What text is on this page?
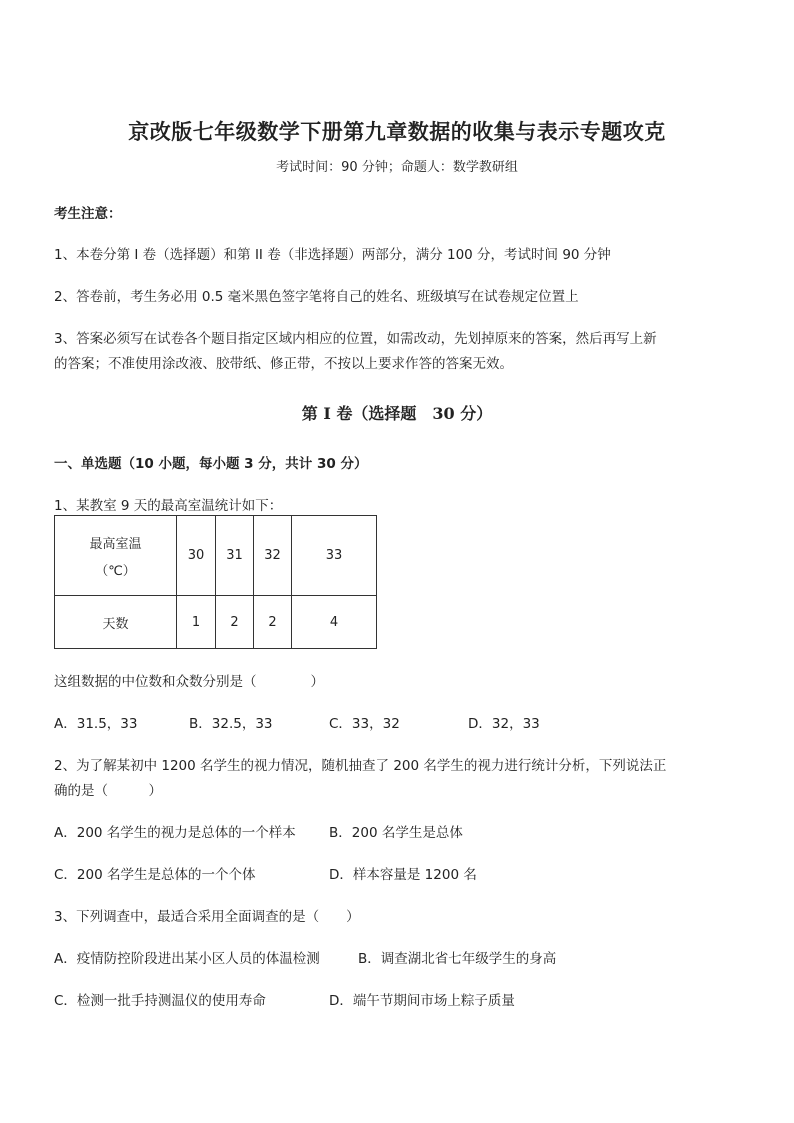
京改版七年级数学下册第九章数据的收集与表示专题攻克
考试时间：90 分钟；命题人：数学教研组
考生注意：
1、本卷分第 I 卷（选择题）和第 II 卷（非选择题）两部分，满分 100 分，考试时间 90 分钟
2、答卷前，考生务必用 0.5 毫米黑色签字笔将自己的姓名、班级填写在试卷规定位置上
3、答案必须写在试卷各个题目指定区域内相应的位置，如需改动，先划掉原来的答案，然后再写上新
的答案；不准使用涂改液、胶带纸、修正带，不按以上要求作答的答案无效。
第 I 卷（选择题　30 分）
一、单选题（10 小题，每小题 3 分，共计 30 分）
1、某教室 9 天的最高室温统计如下：
最高室温
（℃）	30	31	32	33
天数	1	2	2	4
这组数据的中位数和众数分别是（　　　　）
A．31.5，33	B．32.5，33	C．33，32	D．32，33
2、为了解某初中 1200 名学生的视力情况，随机抽查了 200 名学生的视力进行统计分析，下列说法正
确的是（　　　）
A．200 名学生的视力是总体的一个样本 B．200 名学生是总体
C．200 名学生是总体的一个个体	D．样本容量是 1200 名
3、下列调查中，最适合采用全面调查的是（　　）
A．疫情防控阶段进出某小区人员的体温检测	B．调查湖北省七年级学生的身高
C．检测一批手持测温仪的使用寿命	D．端午节期间市场上粽子质量
